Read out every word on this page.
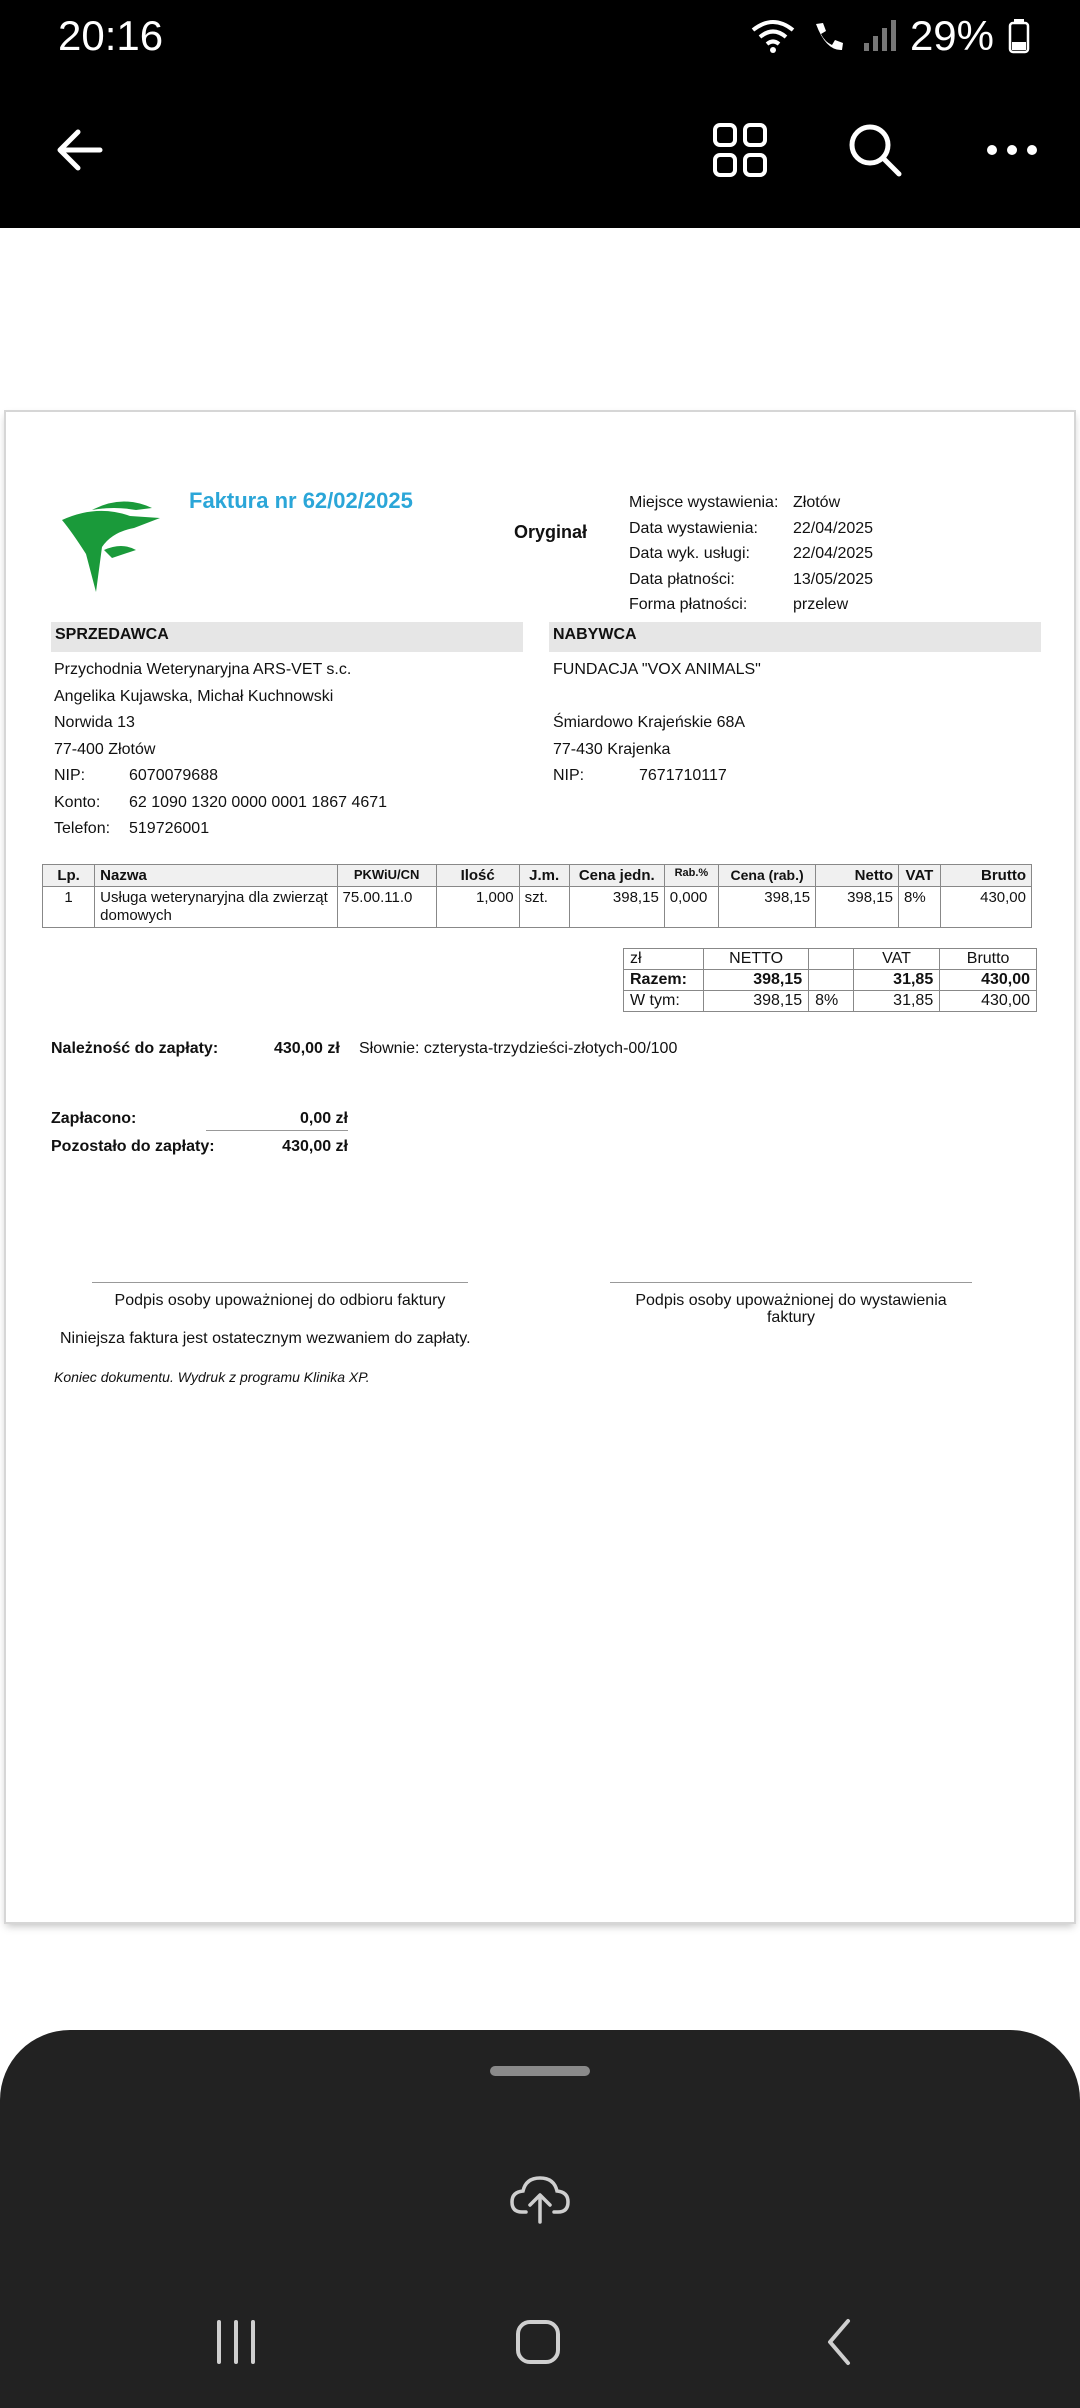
20:16	29%
Faktura nr 62/02/2025
Oryginał
Miejsce wystawienia: Złotów
Data wystawienia: 22/04/2025
Data wyk. usługi:	22/04/2025
Data płatności:	13/05/2025
Forma płatności:	przelew
SPRZEDAWCA
Przychodnia Weterynaryjna ARS-VET s.c.
Angelika Kujawska, Michał Kuchnowski
Norwida 13
77-400 Złotów
NIP:	6070079688
Konto: 62 1090 1320 0000 0001 1867 4671
Telefon: 519726001
NABYWCA
FUNDACJA "VOX ANIMALS"
Śmiardowo Krajeńskie 68A
77-430 Krajenka
NIP:	7671710117
Lp.	Nazwa	PKWiU/CN	Ilość	J.m.	Cena jedn.	Rab.%	Cena (rab.)	Netto	VAT	Brutto
1	Usługa weterynaryjna dla zwierząt domowych	75.00.11.0	1,000	szt.	398,15	0,000	398,15	398,15	8%	430,00
zł	NETTO		VAT	Brutto
Razem:	398,15		31,85	430,00
W tym:	398,15	8%	31,85	430,00
Należność do zapłaty:	430,00 zł Słownie: czterysta-trzydzieści-złotych-00/100
Zapłacono:	0,00 zł
Pozostało do zapłaty:	430,00 zł
Podpis osoby upoważnionej do odbioru faktury	Podpis osoby upoważnionej do wystawienia faktury
Niniejsza faktura jest ostatecznym wezwaniem do zapłaty.
Koniec dokumentu. Wydruk z programu Klinika XP.
